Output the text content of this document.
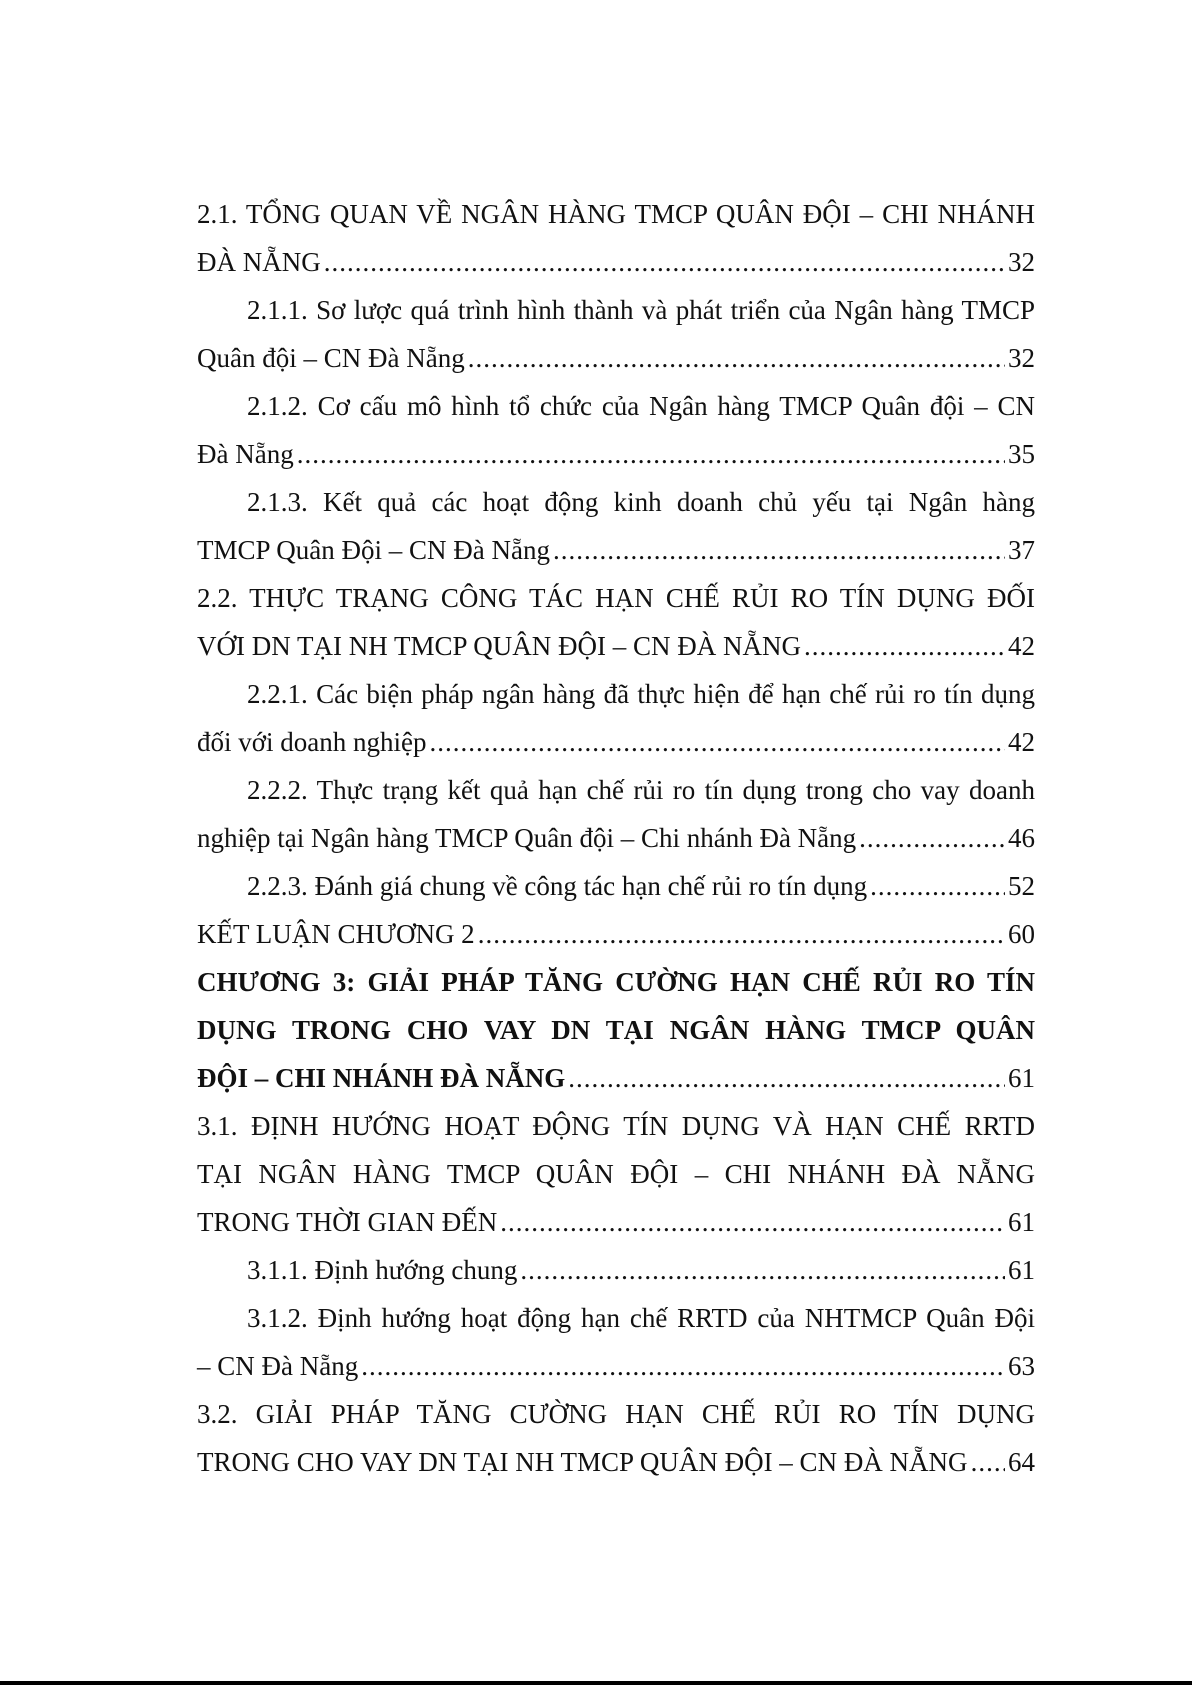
2.1. TỔNG QUAN VỀ NGÂN HÀNG TMCP QUÂN ĐỘI – CHI NHÁNH
ĐÀ NẴNG .....	32
2.1.1. Sơ lược quá trình hình thành và phát triển của Ngân hàng TMCP
Quân đội – CN Đà Nẵng .....	32
2.1.2. Cơ cấu mô hình tổ chức của Ngân hàng TMCP Quân đội – CN
Đà Nẵng .....	35
2.1.3. Kết quả các hoạt động kinh doanh chủ yếu tại Ngân hàng
TMCP Quân Đội – CN Đà Nẵng .....	37
2.2. THỰC TRẠNG CÔNG TÁC HẠN CHẾ RỦI RO TÍN DỤNG ĐỐI
VỚI DN TẠI NH TMCP QUÂN ĐỘI – CN ĐÀ NẴNG .....	42
2.2.1. Các biện pháp ngân hàng đã thực hiện để hạn chế rủi ro tín dụng
đối với doanh nghiệp .....	42
2.2.2. Thực trạng kết quả hạn chế rủi ro tín dụng trong cho vay doanh
nghiệp tại Ngân hàng TMCP Quân đội – Chi nhánh Đà Nẵng .....	46
2.2.3. Đánh giá chung về công tác hạn chế rủi ro tín dụng .....	52
KẾT LUẬN CHƯƠNG 2 .....	60
CHƯƠNG 3: GIẢI PHÁP TĂNG CƯỜNG HẠN CHẾ RỦI RO TÍN
DỤNG TRONG CHO VAY DN TẠI NGÂN HÀNG TMCP QUÂN
ĐỘI – CHI NHÁNH ĐÀ NẴNG .....	61
3.1. ĐỊNH HƯỚNG HOẠT ĐỘNG TÍN DỤNG VÀ HẠN CHẾ RRTD
TẠI NGÂN HÀNG TMCP QUÂN ĐỘI – CHI NHÁNH ĐÀ NẴNG
TRONG THỜI GIAN ĐẾN .....	61
3.1.1. Định hướng chung .....	61
3.1.2. Định hướng hoạt động hạn chế RRTD của NHTMCP Quân Đội
– CN Đà Nẵng .....	63
3.2. GIẢI PHÁP TĂNG CƯỜNG HẠN CHẾ RỦI RO TÍN DỤNG
TRONG CHO VAY DN TẠI NH TMCP QUÂN ĐỘI – CN ĐÀ NẴNG ..... 64
